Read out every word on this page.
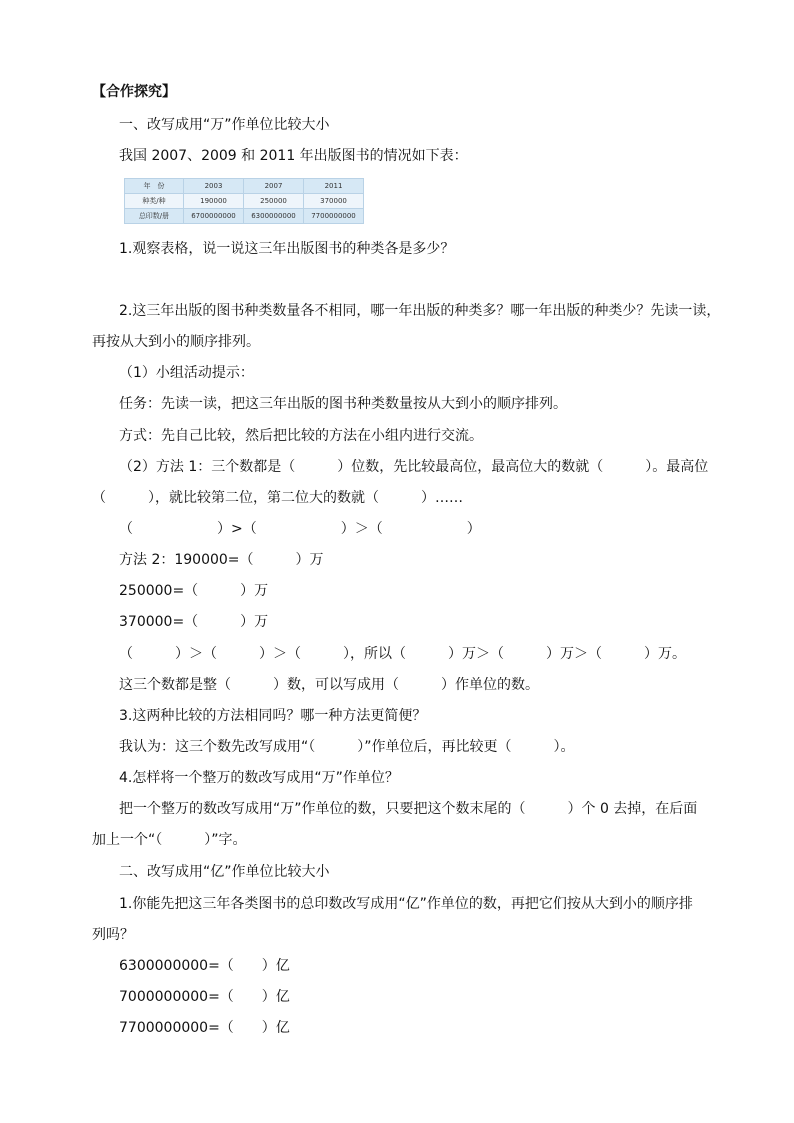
【合作探究】
一、改写成用“万”作单位比较大小
我国 2007、2009 和 2011 年出版图书的情况如下表：
年　份	2003	2007	2011
种类/种	190000	250000	370000
总印数/册	6700000000	6300000000	7700000000
1.观察表格，说一说这三年出版图书的种类各是多少？
2.这三年出版的图书种类数量各不相同，哪一年出版的种类多？哪一年出版的种类少？先读一读，
再按从大到小的顺序排列。
（1）小组活动提示：
任务：先读一读，把这三年出版的图书种类数量按从大到小的顺序排列。
方式：先自己比较，然后把比较的方法在小组内进行交流。
（2）方法 1：三个数都是（　　　）位数，先比较最高位，最高位大的数就（　　　）。最高位
（　　　），就比较第二位，第二位大的数就（　　　）……
（　　　　　　）>（　　　　　　）＞（　　　　　　）
方法 2：190000=（　　　）万
250000=（　　　）万
370000=（　　　）万
（　　　）＞（　　　）＞（　　　），所以（　　　）万＞（　　　）万＞（　　　）万。
这三个数都是整（　　　）数，可以写成用（　　　）作单位的数。
3.这两种比较的方法相同吗？哪一种方法更简便？
我认为：这三个数先改写成用“（　　　）”作单位后，再比较更（　　　）。
4.怎样将一个整万的数改写成用“万”作单位？
把一个整万的数改写成用“万”作单位的数，只要把这个数末尾的（　　　）个 0 去掉，在后面
加上一个“（　　　）”字。
二、改写成用“亿”作单位比较大小
1.你能先把这三年各类图书的总印数改写成用“亿”作单位的数，再把它们按从大到小的顺序排
列吗？
6300000000=（　　）亿
7000000000=（　　）亿
7700000000=（　　）亿
